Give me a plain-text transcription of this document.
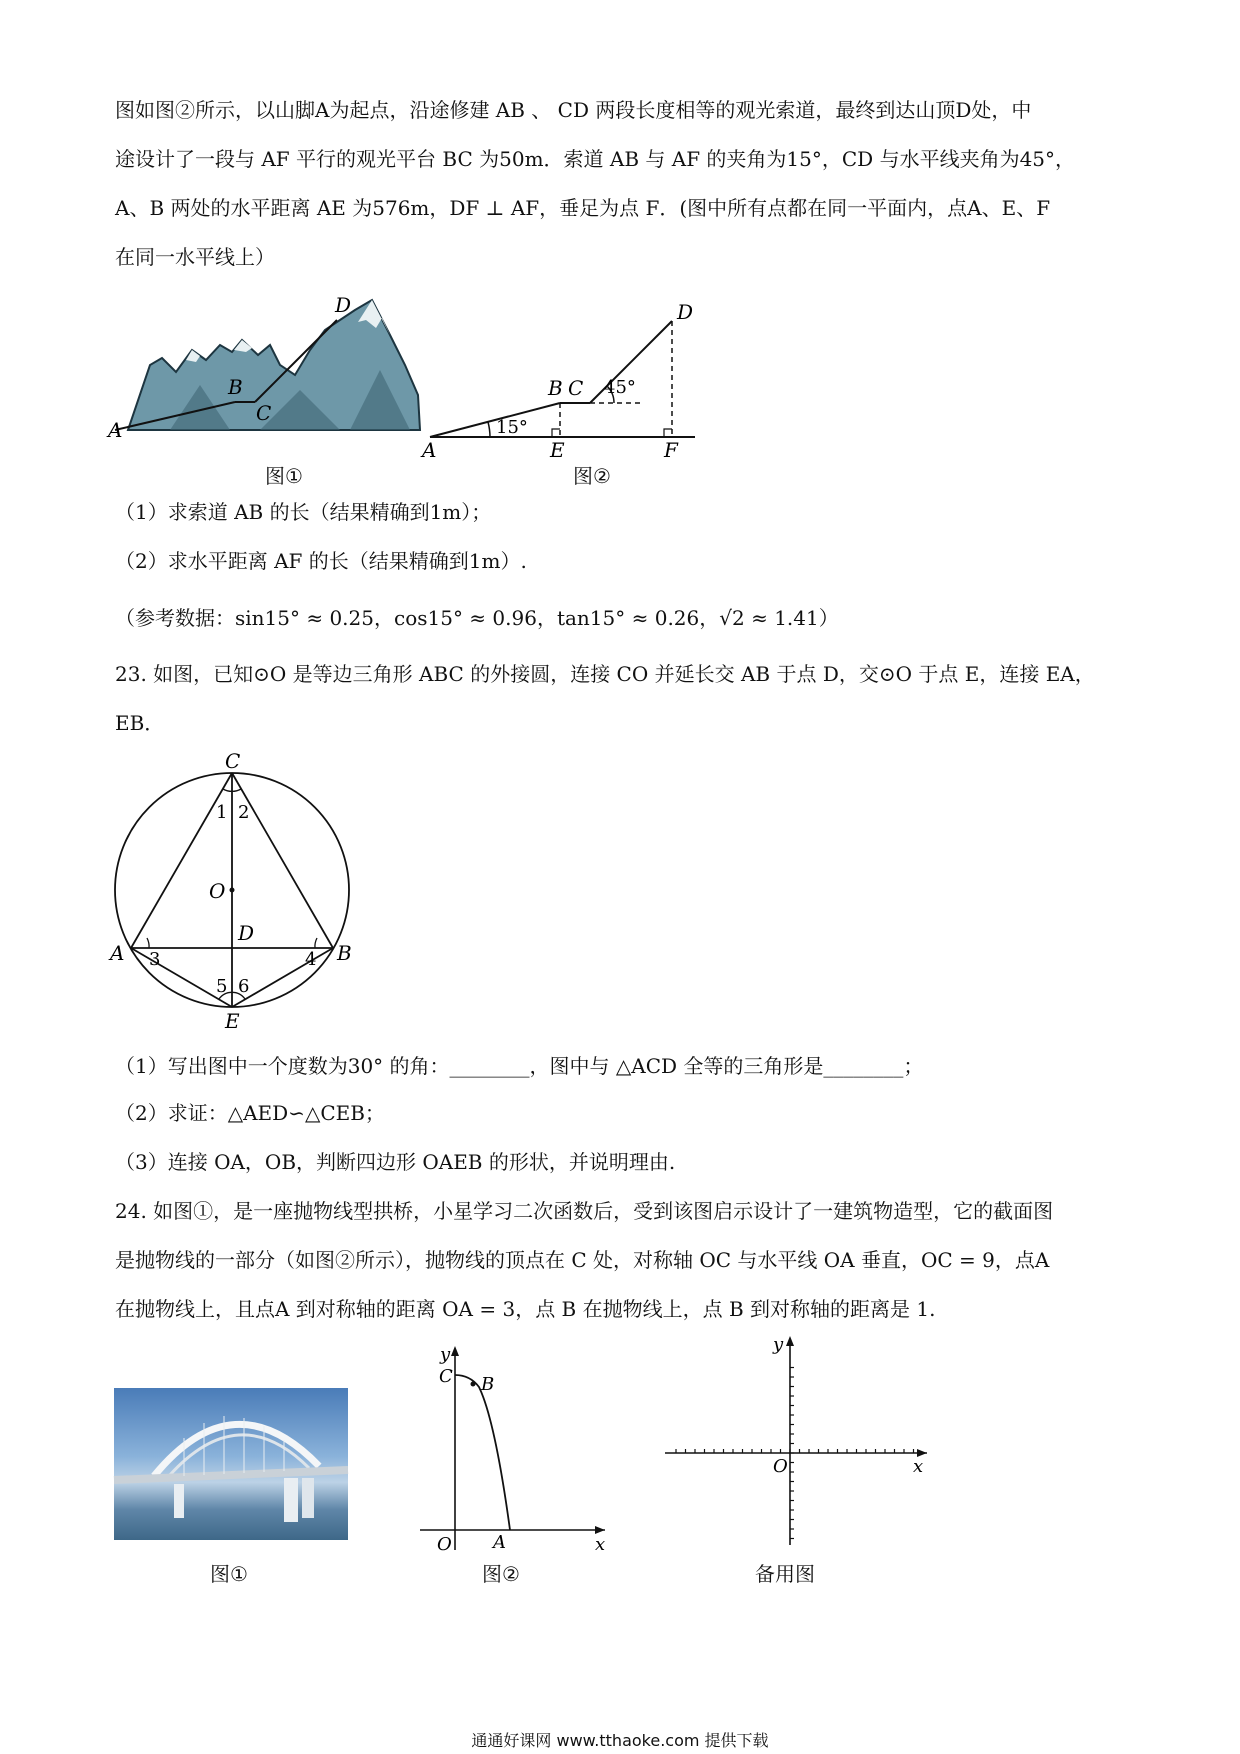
图如图②所示，以山脚A为起点，沿途修建 AB 、 CD 两段长度相等的观光索道，最终到达山顶D处，中
途设计了一段与 AF 平行的观光平台 BC 为50m．索道 AB 与 AF 的夹角为15°，CD 与水平线夹角为45°，
A、B 两处的水平距离 AE 为576m，DF ⊥ AF，垂足为点 F．(图中所有点都在同一平面内，点A、E、F
在同一水平线上）
A
B
C
D
图①
A
B C
D
E	F
15°
45°
图②
（1）求索道 AB 的长（结果精确到1m）；
（2）求水平距离 AF 的长（结果精确到1m）.
（参考数据：sin15° ≈ 0.25，cos15° ≈ 0.96，tan15° ≈ 0.26，√2 ≈ 1.41）
23. 如图，已知⊙O 是等边三角形 ABC 的外接圆，连接 CO 并延长交 AB 于点 D，交⊙O 于点 E，连接 EA，
EB．
C
O
D
A	B
E
1 2
3	4
5 6
（1）写出图中一个度数为30° 的角：________，图中与 △ACD 全等的三角形是________；
（2）求证：△AED∽△CEB；
（3）连接 OA，OB，判断四边形 OAEB 的形状，并说明理由.
24. 如图①，是一座抛物线型拱桥，小星学习二次函数后，受到该图启示设计了一建筑物造型，它的截面图
是抛物线的一部分（如图②所示），抛物线的顶点在 C 处，对称轴 OC 与水平线 OA 垂直，OC = 9，点A
在抛物线上，且点A 到对称轴的距离 OA = 3，点 B 在抛物线上，点 B 到对称轴的距离是 1.
图①
y
C B
O A	x
图②
y
O	x
备用图
通通好课网 www.tthaoke.com 提供下载
